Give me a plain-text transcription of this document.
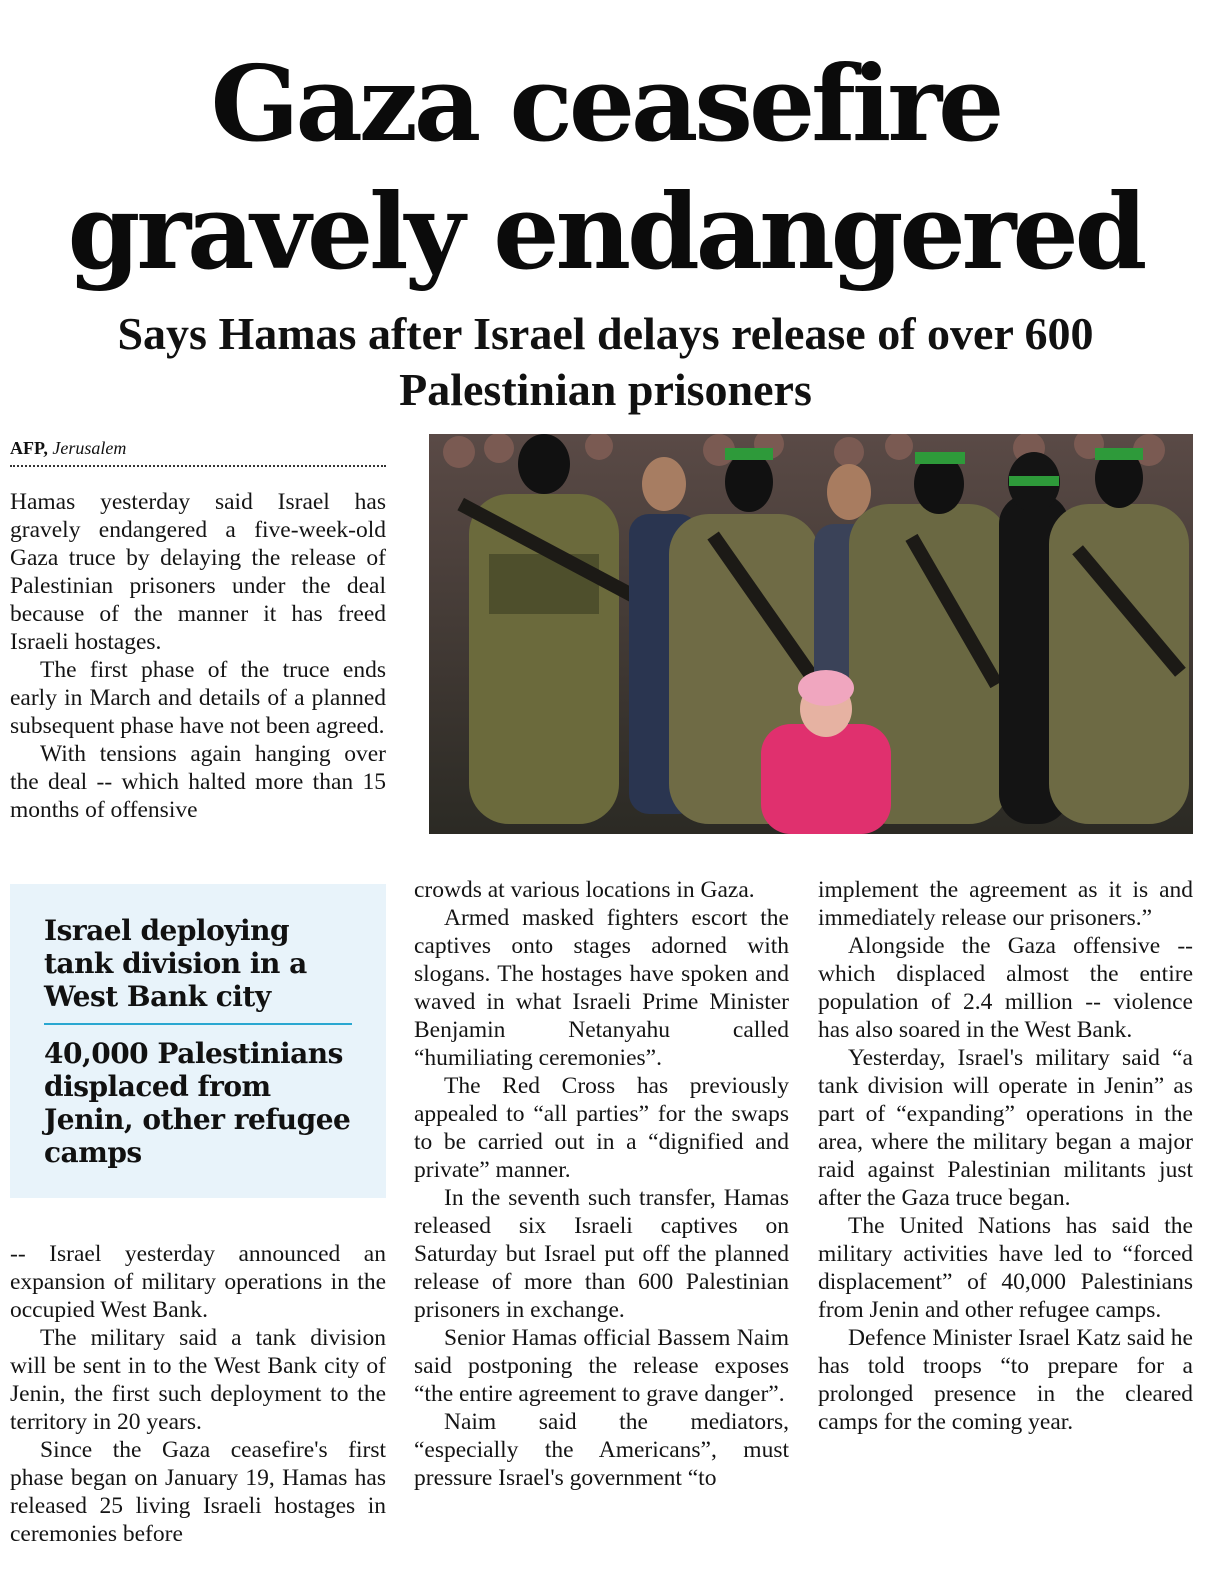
Gaza ceasefire
gravely endangered
Says Hamas after Israel delays release of over 600 Palestinian prisoners
AFP, Jerusalem

Hamas yesterday said Israel has gravely endangered a five-week-old Gaza truce by delaying the release of Palestinian prisoners under the deal because of the manner it has freed Israeli hostages.

The first phase of the truce ends early in March and details of a planned subsequent phase have not been agreed.

With tensions again hanging over the deal -- which halted more than 15 months of offensive

Israel deploying tank division in a West Bank city
40,000 Palestinians displaced from Jenin, other refugee camps

-- Israel yesterday announced an expansion of military operations in the occupied West Bank.

The military said a tank division will be sent in to the West Bank city of Jenin, the first such deployment to the territory in 20 years.

Since the Gaza ceasefire's first phase began on January 19, Hamas has released 25 living Israeli hostages in ceremonies before

crowds at various locations in Gaza.

Armed masked fighters escort the captives onto stages adorned with slogans. The hostages have spoken and waved in what Israeli Prime Minister Benjamin Netanyahu called “humiliating ceremonies”.

The Red Cross has previously appealed to “all parties” for the swaps to be carried out in a “dignified and private” manner.

In the seventh such transfer, Hamas released six Israeli captives on Saturday but Israel put off the planned release of more than 600 Palestinian prisoners in exchange.

Senior Hamas official Bassem Naim said postponing the release exposes “the entire agreement to grave danger”.

Naim said the mediators, “especially the Americans”, must pressure Israel's government “to

implement the agreement as it is and immediately release our prisoners.”

Alongside the Gaza offensive -- which displaced almost the entire population of 2.4 million -- violence has also soared in the West Bank.

Yesterday, Israel's military said “a tank division will operate in Jenin” as part of “expanding” operations in the area, where the military began a major raid against Palestinian militants just after the Gaza truce began.

The United Nations has said the military activities have led to “forced displacement” of 40,000 Palestinians from Jenin and other refugee camps.

Defence Minister Israel Katz said he has told troops “to prepare for a prolonged presence in the cleared camps for the coming year.
